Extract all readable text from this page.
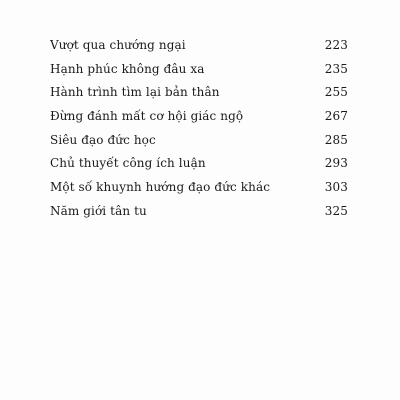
Vượt qua chướng ngại	223
Hạnh phúc không đâu xa	235
Hành trình tìm lại bản thân	255
Đừng đánh mất cơ hội giác ngộ	267
Siêu đạo đức học	285
Chủ thuyết công ích luận	293
Một số khuynh hướng đạo đức khác	303
Năm giới tân tu	325
